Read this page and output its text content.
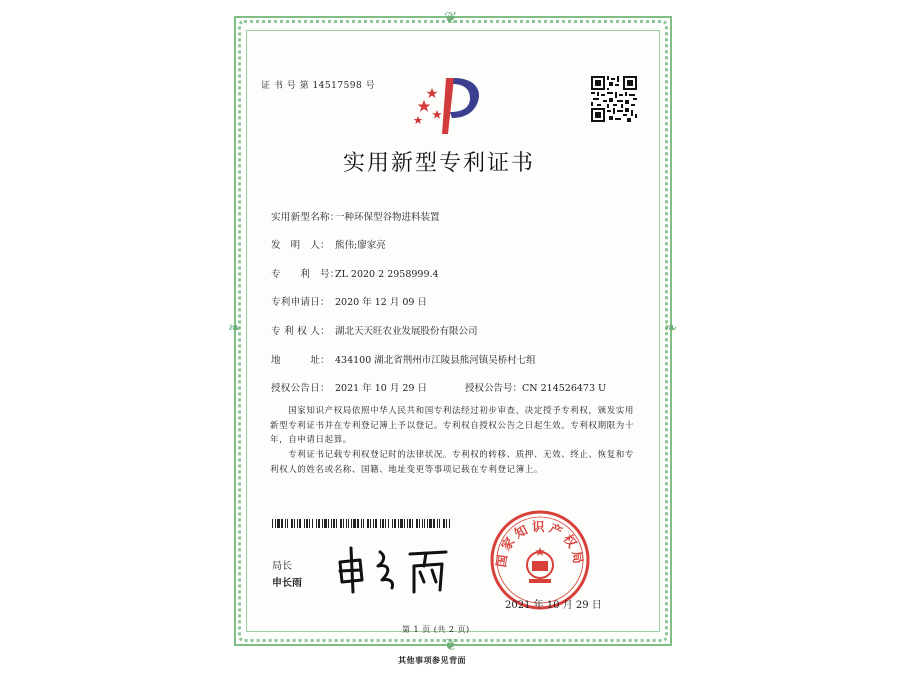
❦
❦
❧	❧
证 书 号 第 14517598 号
实用新型专利证书
实用新型名称：一种环保型谷物进料装置
发　明　人： 熊伟;廖家亮
专　　利　号：ZL 2020 2 2958999.4
专利申请日： 2020 年 12 月 09 日
专 利 权 人： 湖北天天旺农业发展股份有限公司
地　　　址： 434100 湖北省荆州市江陵县熊河镇吴桥村七组
授权公告日： 2021 年 10 月 29 日	授权公告号：CN 214526473 U
　　国家知识产权局依照中华人民共和国专利法经过初步审查，决定授予专利权，颁发实用
新型专利证书并在专利登记簿上予以登记。专利权自授权公告之日起生效。专利权期限为十
年，自申请日起算。
　　专利证书记载专利权登记时的法律状况。专利权的转移、质押、无效、终止、恢复和专
利权人的姓名或名称、国籍、地址变更等事项记载在专利登记簿上。
局长
申长雨
国家知识产权局
2021 年 10 月 29 日
第 1 页 (共 2 页)
其他事项参见背面
